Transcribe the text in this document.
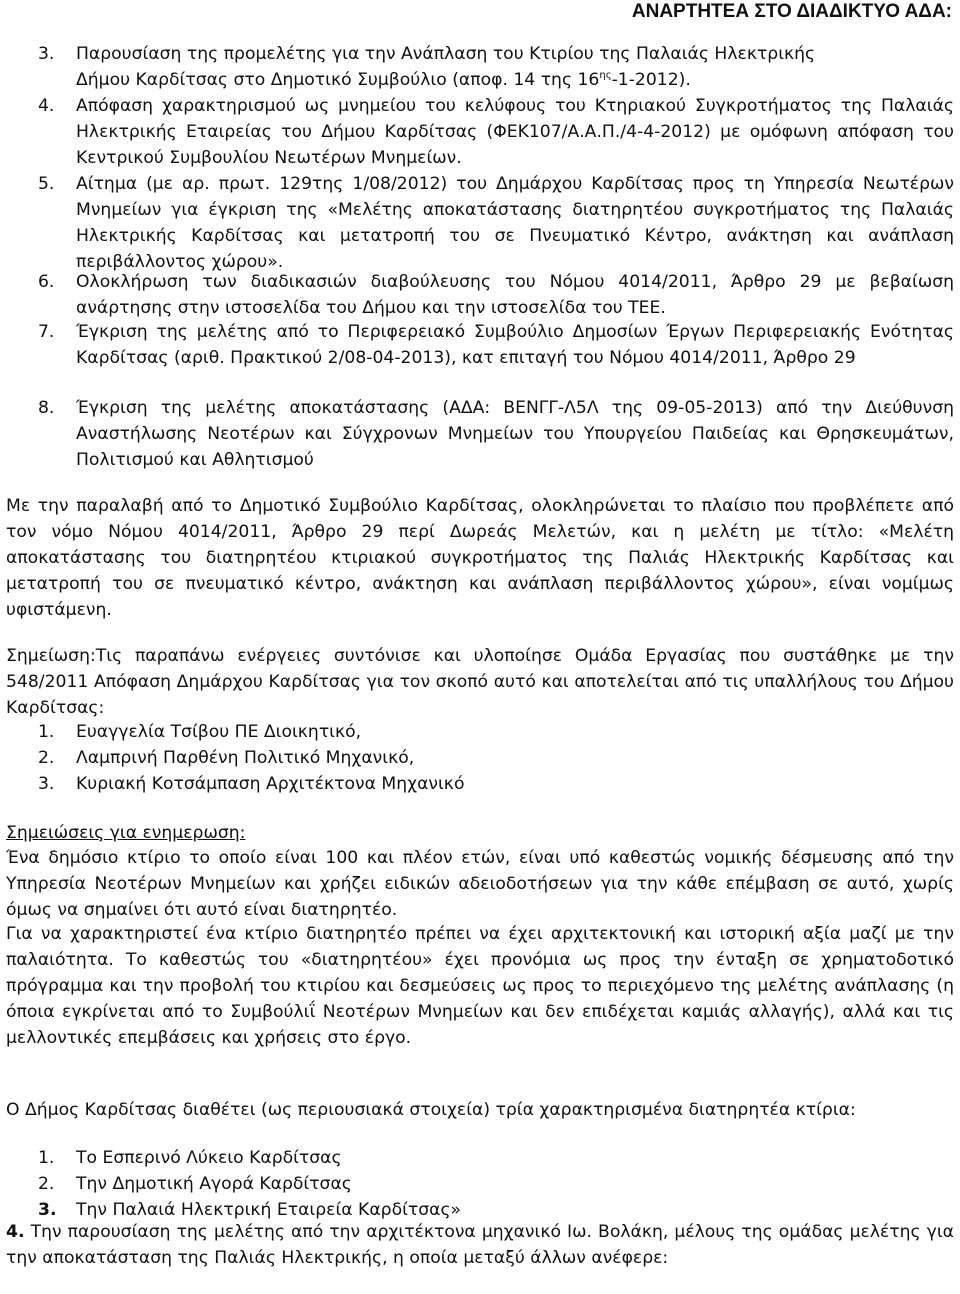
ΑΝΑΡΤΗΤΕΑ ΣΤΟ ΔΙΑΔΙΚΤΥΟ ΑΔΑ:
3. Παρουσίαση της προμελέτης για την Ανάπλαση του Κτιρίου της Παλαιάς Ηλεκτρικής
Δήμου Καρδίτσας στο Δημοτικό Συμβούλιο (αποφ. 14 της $16^{\eta\varsigma}-1-2012$).
4. Απόφαση χαρακτηρισμού ως μνημείου του κελύφους του Κτηριακού Συγκροτήματος της Παλαιάς Ηλεκτρικής Εταιρείας του Δήμου Καρδίτσας (ΦΕΚ107/Α.Α.Π./4-4-2012) με ομόφωνη απόφαση του Κεντρικού Συμβουλίου Νεωτέρων Μνημείων.
5. Αίτημα (με αρ. πρωτ. 129της 1/08/2012) του Δημάρχου Καρδίτσας προς τη Υπηρεσία Νεωτέρων Μνημείων για έγκριση της «Μελέτης αποκατάστασης διατηρητέου συγκροτήματος της Παλαιάς Ηλεκτρικής Καρδίτσας και μετατροπή του σε Πνευματικό Κέντρο, ανάκτηση και ανάπλαση περιβάλλοντος χώρου».
6. Ολοκλήρωση των διαδικασιών διαβούλευσης του Νόμου 4014/2011, Άρθρο 29 με βεβαίωση ανάρτησης στην ιστοσελίδα του Δήμου και την ιστοσελίδα του ΤΕΕ.
7. Έγκριση της μελέτης από το Περιφερειακό Συμβούλιο Δημοσίων Έργων Περιφερειακής Ενότητας Καρδίτσας (αριθ. Πρακτικού 2/08-04-2013), κατ επιταγή του Νόμου 4014/2011, Άρθρο 29
8. Έγκριση της μελέτης αποκατάστασης (ΑΔΑ: ΒΕΝΓΓ-Λ5Λ της 09-05-2013) από την Διεύθυνση Αναστήλωσης Νεοτέρων και Σύγχρονων Μνημείων του Υπουργείου Παιδείας και Θρησκευμάτων, Πολιτισμού και Αθλητισμού
Με την παραλαβή από το Δημοτικό Συμβούλιο Καρδίτσας, ολοκληρώνεται το πλαίσιο που προβλέπετε από τον νόμο Νόμου 4014/2011, Άρθρο 29 περί Δωρεάς Μελετών, και η μελέτη με τίτλο: «Μελέτη αποκατάστασης του διατηρητέου κτιριακού συγκροτήματος της Παλιάς Ηλεκτρικής Καρδίτσας και μετατροπή του σε πνευματικό κέντρο, ανάκτηση και ανάπλαση περιβάλλοντος χώρου», είναι νομίμως υφιστάμενη.
Σημείωση:Τις παραπάνω ενέργειες συντόνισε και υλοποίησε Ομάδα Εργασίας που συστάθηκε με την 548/2011 Απόφαση Δημάρχου Καρδίτσας για τον σκοπό αυτό και αποτελείται από τις υπαλλήλους του Δήμου Καρδίτσας:
1. Ευαγγελία Τσίβου ΠΕ Διοικητικό,
2. Λαμπρινή Παρθένη Πολιτικό Μηχανικό,
3. Κυριακή Κοτσάμπαση Αρχιτέκτονα Μηχανικό
Σημειώσεις για ενημερωση:
Ένα δημόσιο κτίριο το οποίο είναι 100 και πλέον ετών, είναι υπό καθεστώς νομικής δέσμευσης από την Υπηρεσία Νεοτέρων Μνημείων και χρήζει ειδικών αδειοδοτήσεων για την κάθε επέμβαση σε αυτό, χωρίς όμως να σημαίνει ότι αυτό είναι διατηρητέο.
Για να χαρακτηριστεί ένα κτίριο διατηρητέο πρέπει να έχει αρχιτεκτονική και ιστορική αξία μαζί με την παλαιότητα. Το καθεστώς του «διατηρητέου» έχει προνόμια ως προς την ένταξη σε χρηματοδοτικό πρόγραμμα και την προβολή του κτιρίου και δεσμεύσεις ως προς το περιεχόμενο της μελέτης ανάπλασης (η όποια εγκρίνεται από το Συμβούλιΐ Νεοτέρων Μνημείων και δεν επιδέχεται καμιάς αλλαγής), αλλά και τις μελλοντικές επεμβάσεις και χρήσεις στο έργο.
Ο Δήμος Καρδίτσας διαθέτει (ως περιουσιακά στοιχεία) τρία χαρακτηρισμένα διατηρητέα κτίρια:
1. Το Εσπερινό Λύκειο Καρδίτσας
2. Την Δημοτική Αγορά Καρδίτσας
3. Την Παλαιά Ηλεκτρική Εταιρεία Καρδίτσας»
4. Την παρουσίαση της μελέτης από την αρχιτέκτονα μηχανικό Ιω. Βολάκη, μέλους της ομάδας μελέτης για την αποκατάσταση της Παλιάς Ηλεκτρικής, η οποία μεταξύ άλλων ανέφερε:
